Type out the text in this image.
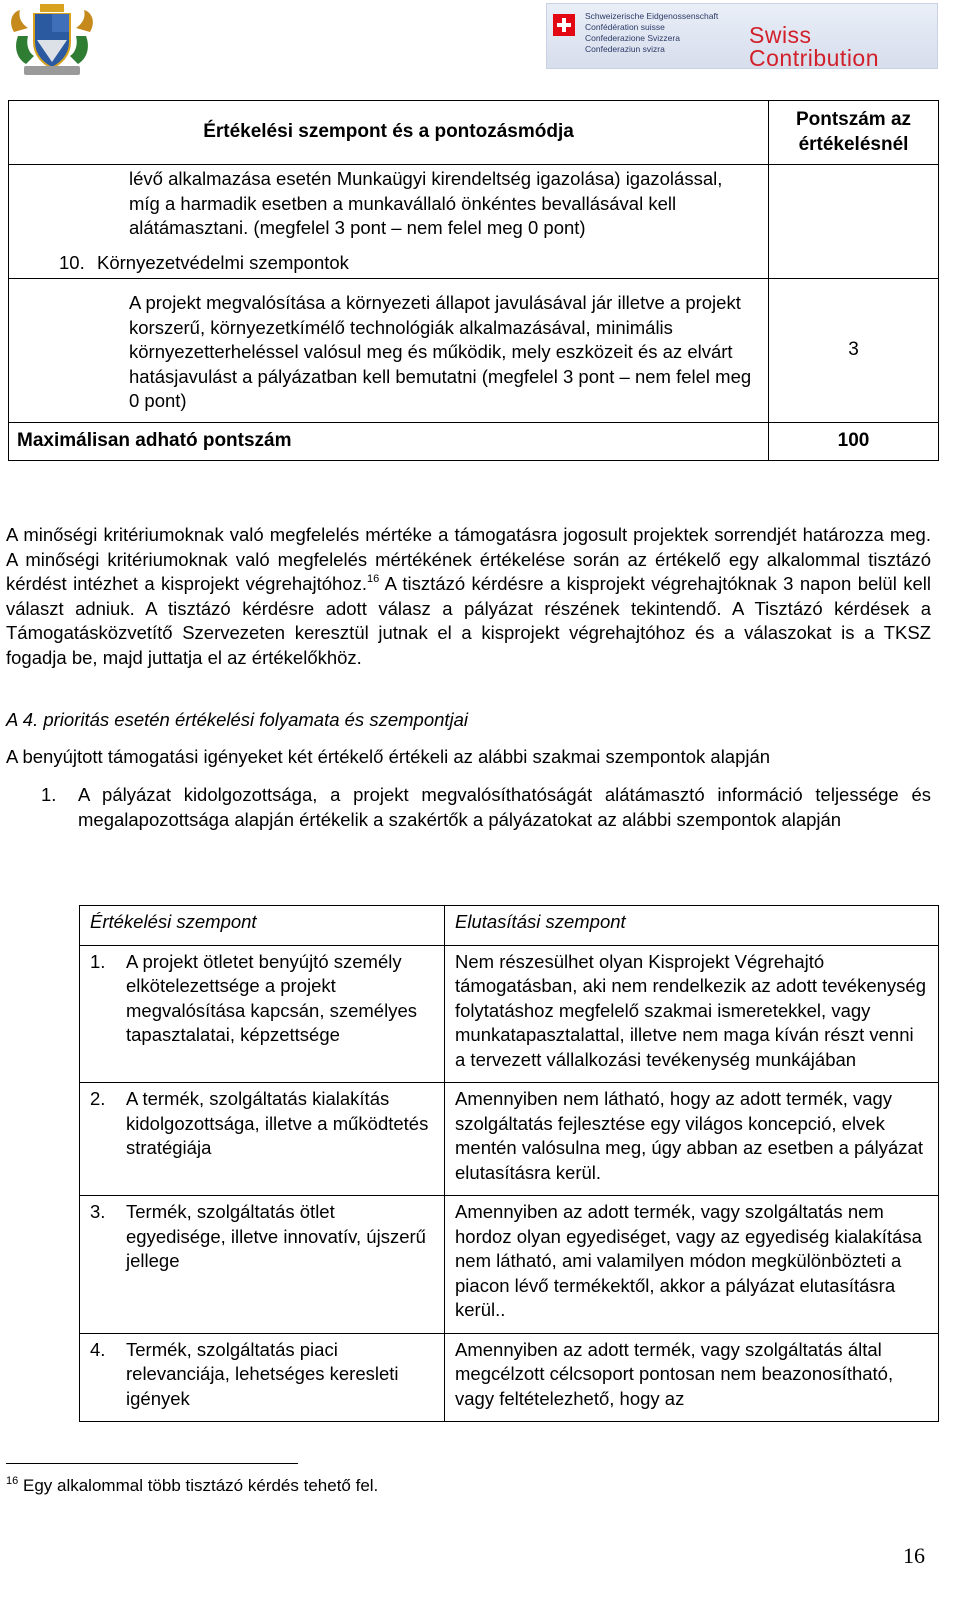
Schweizerische Eidgenossenschaft
Confédération suisse
Confederazione Svizzera
Confederaziun svizra
Swiss
Contribution
Értékelési szempont és a pontozásmódja	Pontszám az értékelésnél

lévő alkalmazása esetén Munkaügyi kirendeltség igazolása) igazolással, míg a harmadik esetben a munkavállaló önkéntes bevallásával kell alátámasztani. (megfelel 3 pont – nem felel meg 0 pont)
10. Környezetvédelmi szempontok	

A projekt megvalósítása a környezeti állapot javulásával jár illetve a projekt korszerű, környezetkímélő technológiák alkalmazásával, minimális környezetterheléssel valósul meg és működik, mely eszközeit és az elvárt hatásjavulást a pályázatban kell bemutatni (megfelel 3 pont – nem felel meg 0 pont)	3
Maximálisan adható pontszám	100
A minőségi kritériumoknak való megfelelés mértéke a támogatásra jogosult projektek sorrendjét határozza meg. A minőségi kritériumoknak való megfelelés mértékének értékelése során az értékelő egy alkalommal tisztázó kérdést intézhet a kisprojekt végrehajtóhoz.$^{16}$ A tisztázó kérdésre a kisprojekt végrehajtóknak 3 napon belül kell választ adniuk. A tisztázó kérdésre adott válasz a pályázat részének tekintendő. A Tisztázó kérdések a Támogatásközvetítő Szervezeten keresztül jutnak el a kisprojekt végrehajtóhoz és a válaszokat is a TKSZ fogadja be, majd juttatja el az értékelőkhöz.
A 4. prioritás esetén értékelési folyamata és szempontjai
A benyújtott támogatási igényeket két értékelő értékeli az alábbi szakmai szempontok alapján
1. A pályázat kidolgozottsága, a projekt megvalósíthatóságát alátámasztó információ teljessége és megalapozottsága alapján értékelik a szakértők a pályázatokat az alábbi szempontok alapján
Értékelési szempont	Elutasítási szempont

1. A projekt ötletet benyújtó személy elkötelezettsége a projekt megvalósítása kapcsán, személyes tapasztalatai, képzettsége	Nem részesülhet olyan Kisprojekt Végrehajtó támogatásban, aki nem rendelkezik az adott tevékenység folytatáshoz megfelelő szakmai ismeretekkel, vagy munkatapasztalattal, illetve nem maga kíván részt venni a tervezett vállalkozási tevékenység munkájában

2. A termék, szolgáltatás kialakítás kidolgozottsága, illetve a működtetés stratégiája	Amennyiben nem látható, hogy az adott termék, vagy szolgáltatás fejlesztése egy világos koncepció, elvek mentén valósulna meg, úgy abban az esetben a pályázat elutasításra kerül.

3. Termék, szolgáltatás ötlet egyedisége, illetve innovatív, újszerű jellege	Amennyiben az adott termék, vagy szolgáltatás nem hordoz olyan egyediséget, vagy az egyediség kialakítása nem látható, ami valamilyen módon megkülönbözteti a piacon lévő termékektől, akkor a pályázat elutasításra kerül..

4. Termék, szolgáltatás piaci relevanciája, lehetséges keresleti igények	Amennyiben az adott termék, vagy szolgáltatás által megcélzott célcsoport pontosan nem beazonosítható, vagy feltételezhető, hogy az
$^{16}$ Egy alkalommal több tisztázó kérdés tehető fel.
16
